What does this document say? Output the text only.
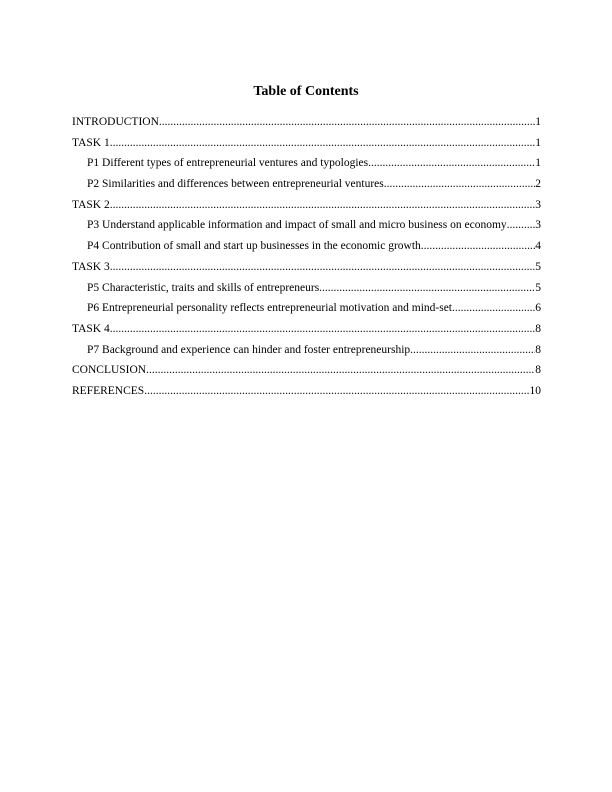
Table of Contents
INTRODUCTION .....	1
TASK 1 .....	1
P1 Different types of entrepreneurial ventures and typologies .....	1
P2 Similarities and differences between entrepreneurial ventures .....	2
TASK 2 .....	3
P3 Understand applicable information and impact of small and micro business on economy ..... 3
P4 Contribution of small and start up businesses in the economic growth .....	4
TASK 3 .....	5
P5 Characteristic, traits and skills of entrepreneurs .....	5
P6 Entrepreneurial personality reflects entrepreneurial motivation and mind-set .....	6
TASK 4 .....	8
P7 Background and experience can hinder and foster entrepreneurship .....	8
CONCLUSION .....	8
REFERENCES .....	10
